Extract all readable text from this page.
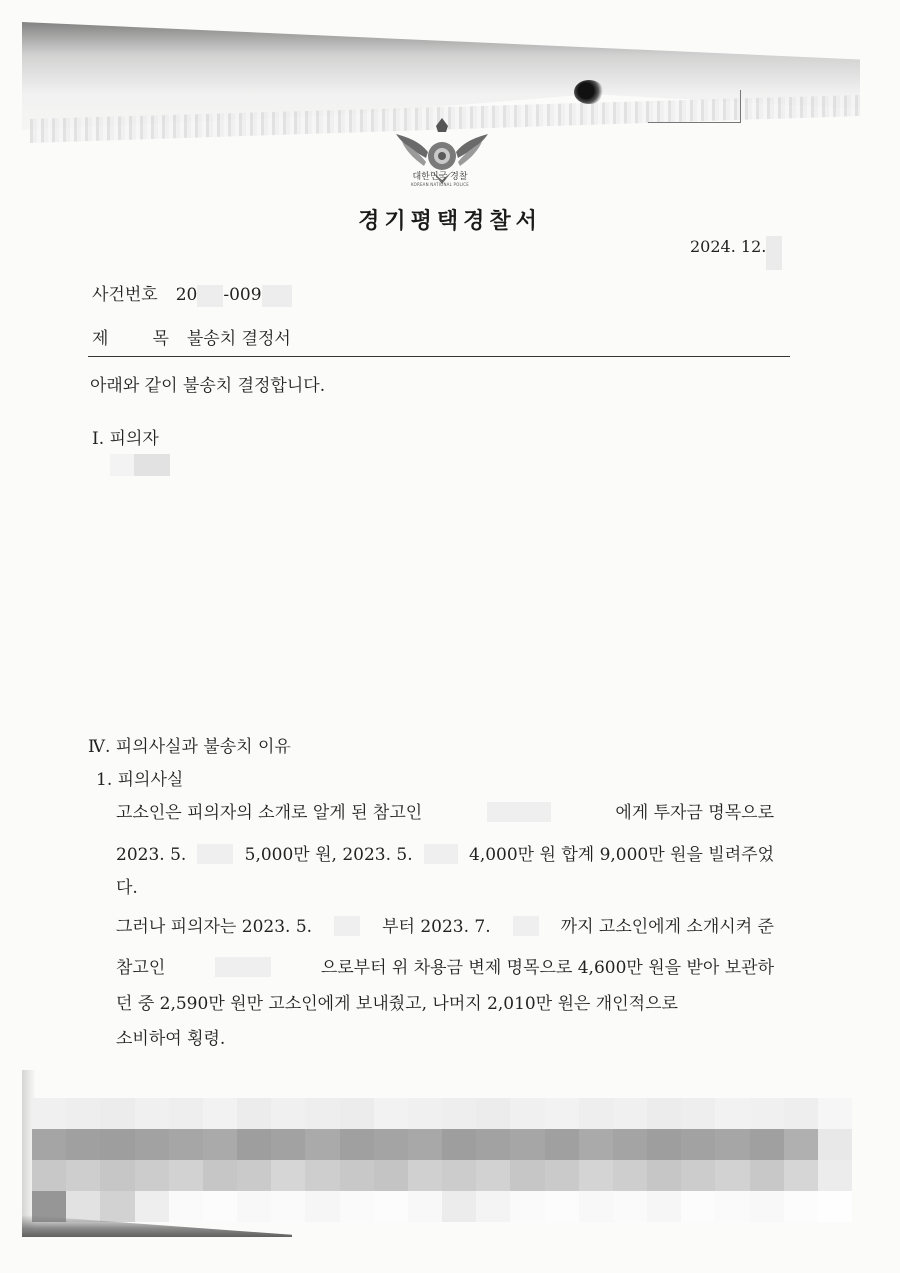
대한민국 경찰
KOREAN NATIONAL POLICE
경기평택경찰서
2024. 12.
사건번호 20 -009
제	목 불송치 결정서
아래와 같이 불송치 결정합니다.
Ⅰ. 피의자
Ⅳ. 피의사실과 불송치 이유
1. 피의사실
고소인은 피의자의 소개로 알게 된 참고인	에게 투자금 명목으로
2023. 5.	5,000만 원, 2023. 5.	4,000만 원 합계 9,000만 원을 빌려주었
다.
그러나 피의자는 2023. 5.	부터 2023. 7.	까지 고소인에게 소개시켜 준
참고인	으로부터 위 차용금 변제 명목으로 4,600만 원을 받아 보관하
던 중 2,590만 원만 고소인에게 보내줬고, 나머지 2,010만 원은 개인적으로
소비하여 횡령.
